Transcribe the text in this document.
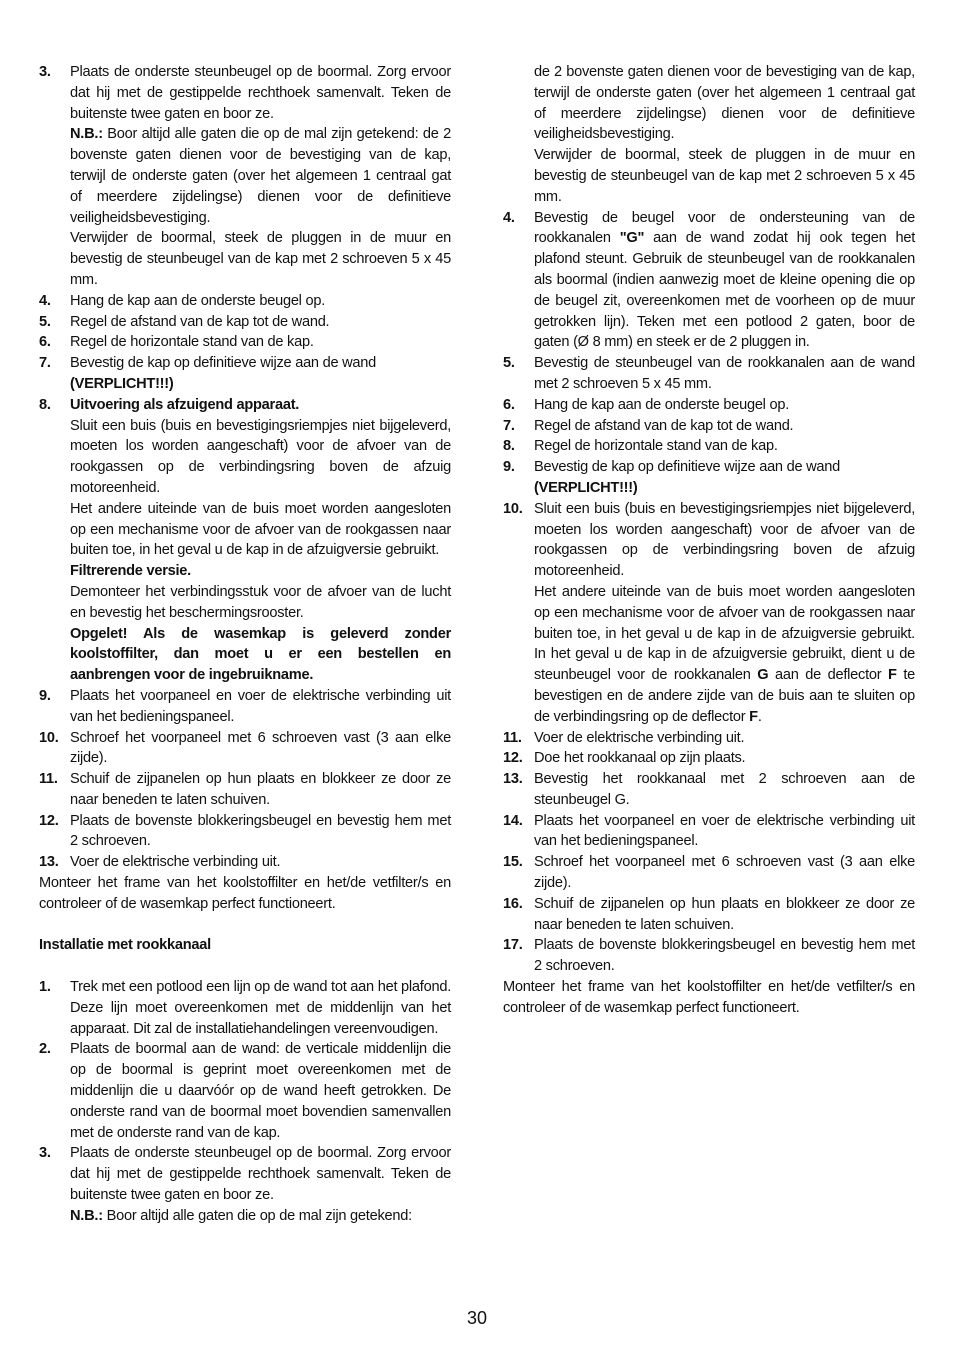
3.	Plaats de onderste steunbeugel op de boormal. Zorg ervoor dat hij met de gestippelde rechthoek samenvalt. Teken de buitenste twee gaten en boor ze.

N.B.: Boor altijd alle gaten die op de mal zijn getekend: de 2 bovenste gaten dienen voor de bevestiging van de kap, terwijl de onderste gaten (over het algemeen 1 centraal gat of meerdere zijdelingse) dienen voor de definitieve veiligheidsbevestiging.

Verwijder de boormal, steek de pluggen in de muur en bevestig de steunbeugel van de kap met 2 schroeven 5 x 45 mm.

4.	Hang de kap aan de onderste beugel op.

5.	Regel de afstand van de kap tot de wand.

6.	Regel de horizontale stand van de kap.

7.	Bevestig de kap op definitieve wijze aan de wand

(VERPLICHT!!!)

8.	Uitvoering als afzuigend apparaat.

Sluit een buis (buis en bevestigingsriempjes niet bijgeleverd, moeten los worden aangeschaft) voor de afvoer van de rookgassen op de verbindingsring boven de afzuig motoreenheid.

Het andere uiteinde van de buis moet worden aangesloten op een mechanisme voor de afvoer van de rookgassen naar buiten toe, in het geval u de kap in de afzuigversie gebruikt.

Filtrerende versie.

Demonteer het verbindingsstuk voor de afvoer van de lucht en bevestig het beschermingsrooster.

Opgelet! Als de wasemkap is geleverd zonder koolstoffilter, dan moet u er een bestellen en aanbrengen voor de ingebruikname.

9.	Plaats het voorpaneel en voer de elektrische verbinding uit van het bedieningspaneel.

10. Schroef het voorpaneel met 6 schroeven vast (3 aan elke zijde).

11. Schuif de zijpanelen op hun plaats en blokkeer ze door ze naar beneden te laten schuiven.

12. Plaats de bovenste blokkeringsbeugel en bevestig hem met 2 schroeven.

13. Voer de elektrische verbinding uit.

Monteer het frame van het koolstoffilter en het/de vetfilter/s en controleer of de wasemkap perfect functioneert.

Installatie met rookkanaal

1.	Trek met een potlood een lijn op de wand tot aan het plafond. Deze lijn moet overeenkomen met de middenlijn van het apparaat. Dit zal de installatiehandelingen vereenvoudigen.

2.	Plaats de boormal aan de wand: de verticale middenlijn die op de boormal is geprint moet overeenkomen met de middenlijn die u daarvóór op de wand heeft getrokken. De onderste rand van de boormal moet bovendien samenvallen met de onderste rand van de kap.

3.	Plaats de onderste steunbeugel op de boormal. Zorg ervoor dat hij met de gestippelde rechthoek samenvalt. Teken de buitenste twee gaten en boor ze.

N.B.: Boor altijd alle gaten die op de mal zijn getekend:

de 2 bovenste gaten dienen voor de bevestiging van de kap, terwijl de onderste gaten (over het algemeen 1 centraal gat of meerdere zijdelingse) dienen voor de definitieve veiligheidsbevestiging.

Verwijder de boormal, steek de pluggen in de muur en bevestig de steunbeugel van de kap met 2 schroeven 5 x 45 mm.

4.	Bevestig de beugel voor de ondersteuning van de rookkanalen "G" aan de wand zodat hij ook tegen het plafond steunt. Gebruik de steunbeugel van de rookkanalen als boormal (indien aanwezig moet de kleine opening die op de beugel zit, overeenkomen met de voorheen op de muur getrokken lijn). Teken met een potlood 2 gaten, boor de gaten (Ø 8 mm) en steek er de 2 pluggen in.

5.	Bevestig de steunbeugel van de rookkanalen aan de wand met 2 schroeven 5 x 45 mm.

6.	Hang de kap aan de onderste beugel op.

7.	Regel de afstand van de kap tot de wand.

8.	Regel de horizontale stand van de kap.

9.	Bevestig de kap op definitieve wijze aan de wand

(VERPLICHT!!!)

10. Sluit een buis (buis en bevestigingsriempjes niet bijgeleverd, moeten los worden aangeschaft) voor de afvoer van de rookgassen op de verbindingsring boven de afzuig motoreenheid.

Het andere uiteinde van de buis moet worden aangesloten op een mechanisme voor de afvoer van de rookgassen naar buiten toe, in het geval u de kap in de afzuigversie gebruikt. In het geval u de kap in de afzuigversie gebruikt, dient u de steunbeugel voor de rookkanalen G aan de deflector F te bevestigen en de andere zijde van de buis aan te sluiten op de verbindingsring op de deflector F.

11. Voer de elektrische verbinding uit.

12. Doe het rookkanaal op zijn plaats.

13. Bevestig het rookkanaal met 2 schroeven aan de steunbeugel G.

14. Plaats het voorpaneel en voer de elektrische verbinding uit van het bedieningspaneel.

15. Schroef het voorpaneel met 6 schroeven vast (3 aan elke zijde).

16. Schuif de zijpanelen op hun plaats en blokkeer ze door ze naar beneden te laten schuiven.

17. Plaats de bovenste blokkeringsbeugel en bevestig hem met 2 schroeven.

Monteer het frame van het koolstoffilter en het/de vetfilter/s en controleer of de wasemkap perfect functioneert.

30
